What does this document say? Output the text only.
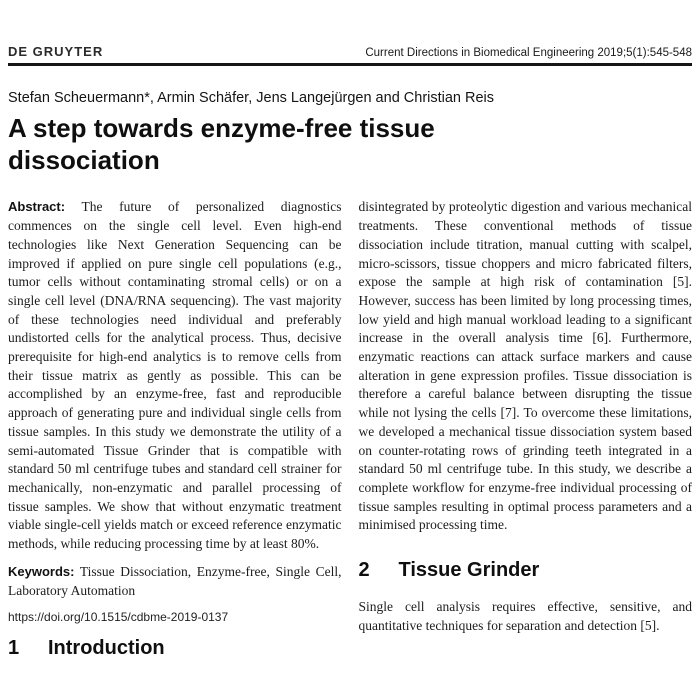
DE GRUYTER	Current Directions in Biomedical Engineering 2019;5(1):545-548
Stefan Scheuermann*, Armin Schäfer, Jens Langejürgen and Christian Reis
A step towards enzyme-free tissue dissociation

Abstract: The future of personalized diagnostics commences on the single cell level. Even high-end technologies like Next Generation Sequencing can be improved if applied on pure single cell populations (e.g., tumor cells without contaminating stromal cells) or on a single cell level (DNA/RNA sequencing). The vast majority of these technologies need individual and preferably undistorted cells for the analytical process. Thus, decisive prerequisite for high-end analytics is to remove cells from their tissue matrix as gently as possible. This can be accomplished by an enzyme-free, fast and reproducible approach of generating pure and individual single cells from tissue samples. In this study we demonstrate the utility of a semi-automated Tissue Grinder that is compatible with standard 50 ml centrifuge tubes and standard cell strainer for mechanically, non-enzymatic and parallel processing of tissue samples. We show that without enzymatic treatment viable single-cell yields match or exceed reference enzymatic methods, while reducing processing time by at least 80%.

Keywords: Tissue Dissociation, Enzyme-free, Single Cell, Laboratory Automation

https://doi.org/10.1515/cdbme-2019-0137

1 Introduction

disintegrated by proteolytic digestion and various mechanical treatments. These conventional methods of tissue dissociation include titration, manual cutting with scalpel, micro-scissors, tissue choppers and micro fabricated filters, expose the sample at high risk of contamination [5]. However, success has been limited by long processing times, low yield and high manual workload leading to a significant increase in the overall analysis time [6]. Furthermore, enzymatic reactions can attack surface markers and cause alteration in gene expression profiles. Tissue dissociation is therefore a careful balance between disrupting the tissue while not lysing the cells [7]. To overcome these limitations, we developed a mechanical tissue dissociation system based on counter-rotating rows of grinding teeth integrated in a standard 50 ml centrifuge tube. In this study, we describe a complete workflow for enzyme-free individual processing of tissue samples resulting in optimal process parameters and a minimised processing time.

2 Tissue Grinder

Single cell analysis requires effective, sensitive, and quantitative techniques for separation and detection [5].
